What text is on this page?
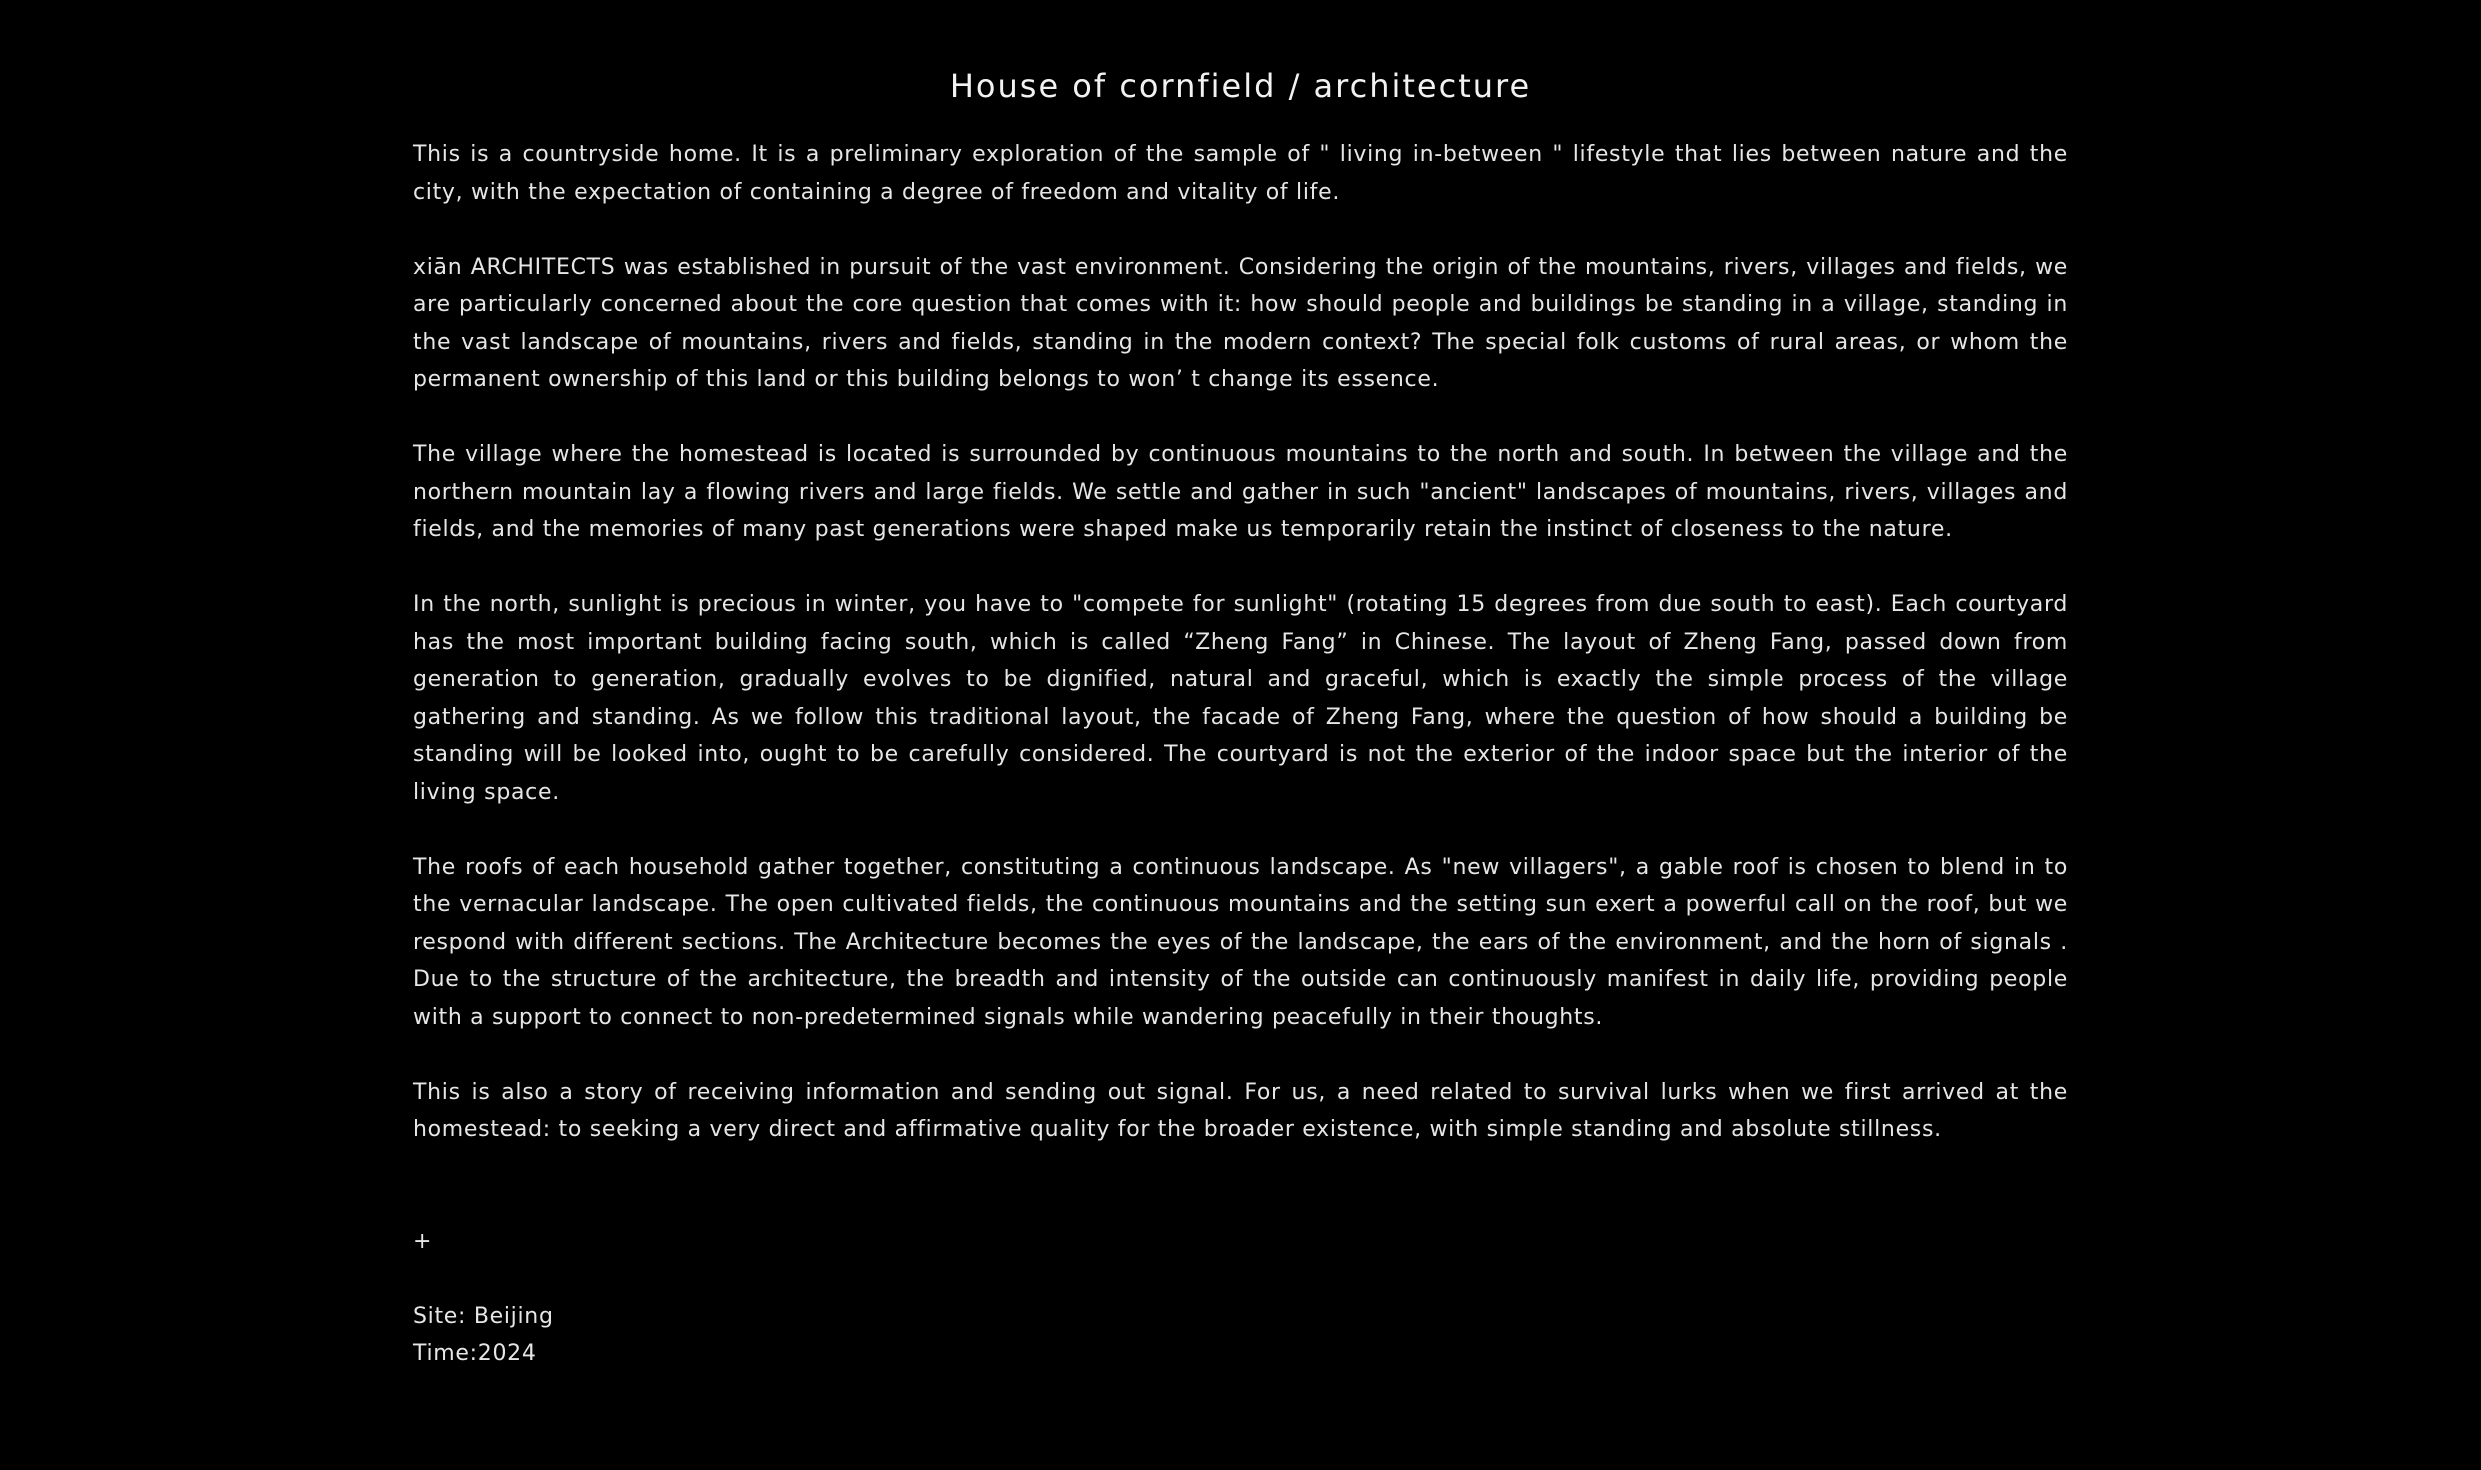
House of cornfield / architecture

This is a countryside home. It is a preliminary exploration of the sample of " living in-between " lifestyle that lies between nature and the city, with the expectation of containing a degree of freedom and vitality of life.

xiān ARCHITECTS was established in pursuit of the vast environment. Considering the origin of the mountains, rivers, villages and fields, we are particularly concerned about the core question that comes with it: how should people and buildings be standing in a village, standing in the vast landscape of mountains, rivers and fields, standing in the modern context? The special folk customs of rural areas, or whom the permanent ownership of this land or this building belongs to won’ t change its essence.

The village where the homestead is located is surrounded by continuous mountains to the north and south. In between the village and the northern mountain lay a flowing rivers and large fields. We settle and gather in such "ancient" landscapes of mountains, rivers, villages and fields, and the memories of many past generations were shaped make us temporarily retain the instinct of closeness to the nature.

In the north, sunlight is precious in winter, you have to "compete for sunlight" (rotating 15 degrees from due south to east). Each courtyard has the most important building facing south, which is called “Zheng Fang” in Chinese. The layout of Zheng Fang, passed down from generation to generation, gradually evolves to be dignified, natural and graceful, which is exactly the simple process of the village gathering and standing. As we follow this traditional layout, the facade of Zheng Fang, where the question of how should a building be standing will be looked into, ought to be carefully considered. The courtyard is not the exterior of the indoor space but the interior of the living space.

The roofs of each household gather together, constituting a continuous landscape. As "new villagers", a gable roof is chosen to blend in to the vernacular landscape. The open cultivated fields, the continuous mountains and the setting sun exert a powerful call on the roof, but we respond with different sections. The Architecture becomes the eyes of the landscape, the ears of the environment, and the horn of signals . Due to the structure of the architecture, the breadth and intensity of the outside can continuously manifest in daily life, providing people with a support to connect to non-predetermined signals while wandering peacefully in their thoughts.

This is also a story of receiving information and sending out signal. For us, a need related to survival lurks when we first arrived at the homestead: to seeking a very direct and affirmative quality for the broader existence, with simple standing and absolute stillness.

+
Site: Beijing
Time:2024
